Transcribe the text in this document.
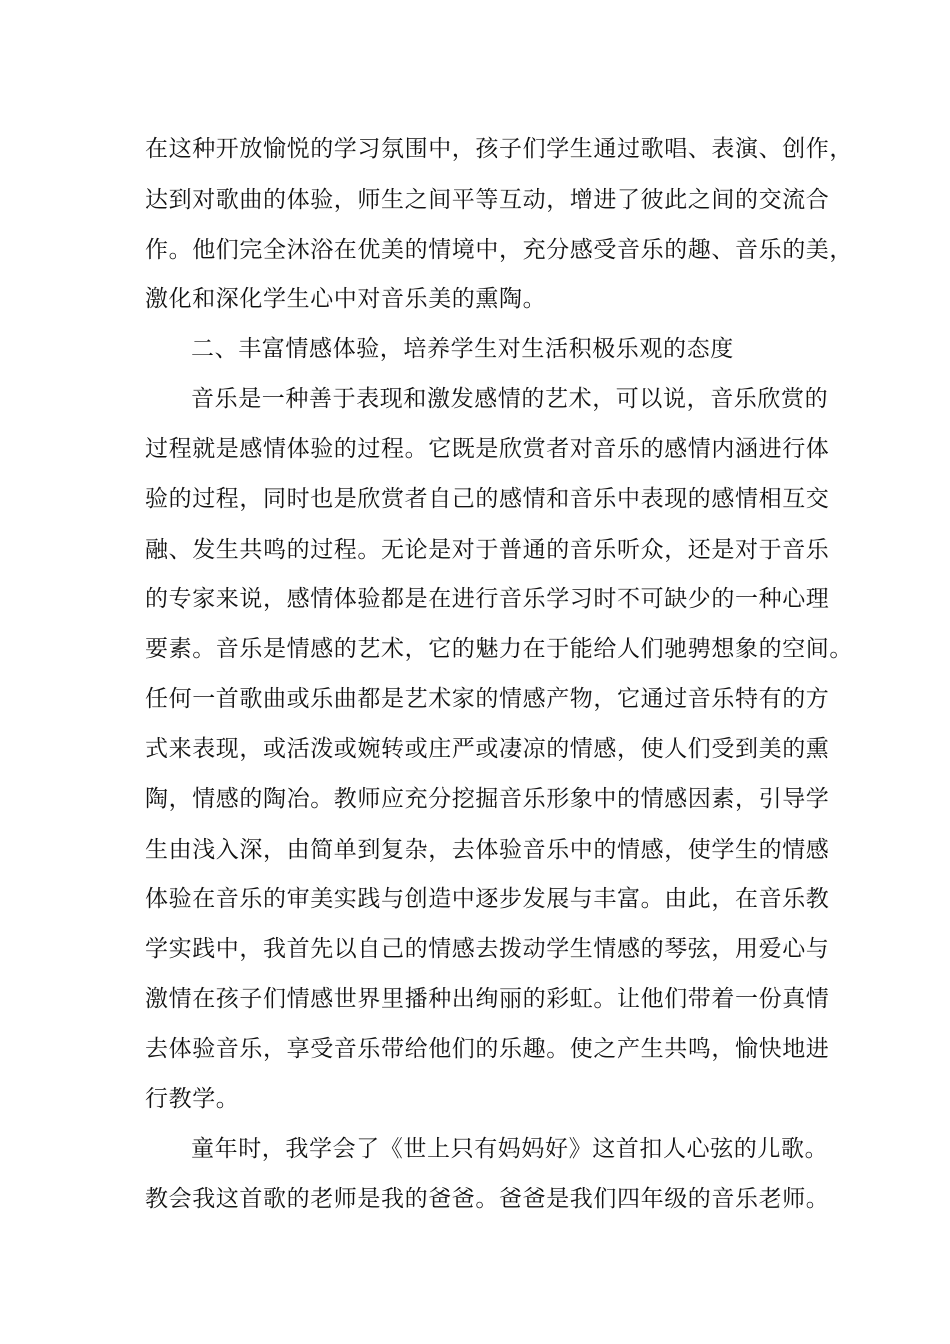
在这种开放愉悦的学习氛围中，孩子们学生通过歌唱、表演、创作，
达到对歌曲的体验，师生之间平等互动，增进了彼此之间的交流合
作。他们完全沐浴在优美的情境中，充分感受音乐的趣、音乐的美，
激化和深化学生心中对音乐美的熏陶。
二、丰富情感体验，培养学生对生活积极乐观的态度
音乐是一种善于表现和激发感情的艺术，可以说，音乐欣赏的
过程就是感情体验的过程。它既是欣赏者对音乐的感情内涵进行体
验的过程，同时也是欣赏者自己的感情和音乐中表现的感情相互交
融、发生共鸣的过程。无论是对于普通的音乐听众，还是对于音乐
的专家来说，感情体验都是在进行音乐学习时不可缺少的一种心理
要素。音乐是情感的艺术，它的魅力在于能给人们驰骋想象的空间。
任何一首歌曲或乐曲都是艺术家的情感产物，它通过音乐特有的方
式来表现，或活泼或婉转或庄严或凄凉的情感，使人们受到美的熏
陶，情感的陶冶。教师应充分挖掘音乐形象中的情感因素，引导学
生由浅入深，由简单到复杂，去体验音乐中的情感，使学生的情感
体验在音乐的审美实践与创造中逐步发展与丰富。由此，在音乐教
学实践中，我首先以自己的情感去拨动学生情感的琴弦，用爱心与
激情在孩子们情感世界里播种出绚丽的彩虹。让他们带着一份真情
去体验音乐，享受音乐带给他们的乐趣。使之产生共鸣，愉快地进
行教学。
童年时，我学会了《世上只有妈妈好》这首扣人心弦的儿歌。
教会我这首歌的老师是我的爸爸。爸爸是我们四年级的音乐老师。
